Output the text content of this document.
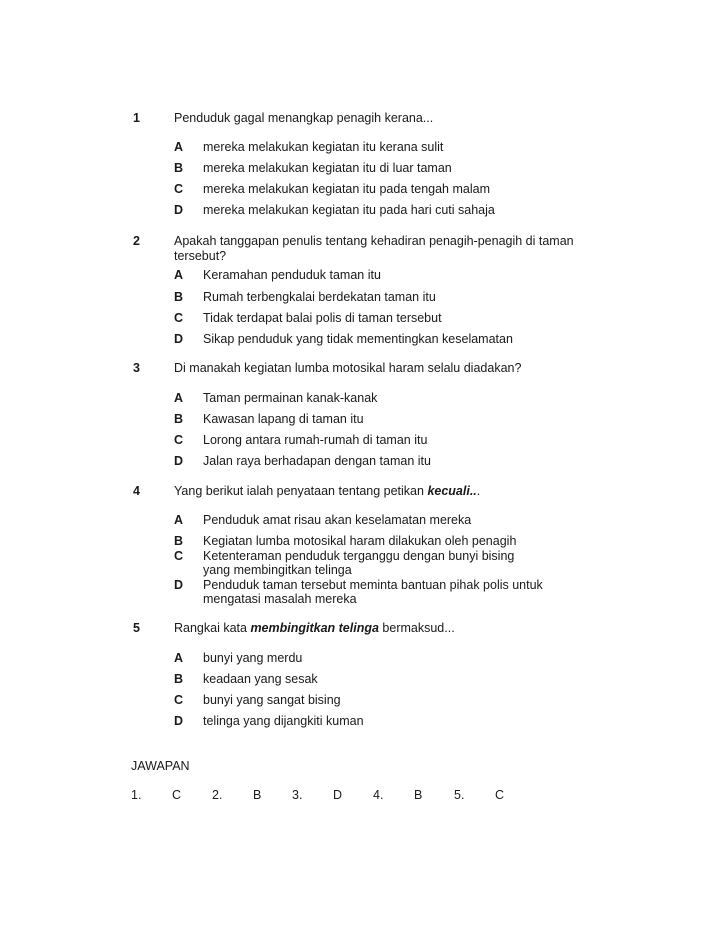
1	Penduduk gagal menangkap penagih kerana...
A mereka melakukan kegiatan itu kerana sulit
B mereka melakukan kegiatan itu di luar taman
C mereka melakukan kegiatan itu pada tengah malam
D mereka melakukan kegiatan itu pada hari cuti sahaja
2	Apakah tanggapan penulis tentang kehadiran penagih-penagih di taman tersebut?
A Keramahan penduduk taman itu
B Rumah terbengkalai berdekatan taman itu
C Tidak terdapat balai polis di taman tersebut
D Sikap penduduk yang tidak mementingkan keselamatan
3	Di manakah kegiatan lumba motosikal haram selalu diadakan?
A Taman permainan kanak-kanak
B Kawasan lapang di taman itu
C Lorong antara rumah-rumah di taman itu
D Jalan raya berhadapan dengan taman itu
4	Yang berikut ialah penyataan tentang petikan kecuali...
A Penduduk amat risau akan keselamatan mereka
B Kegiatan lumba motosikal haram dilakukan oleh penagih
C Ketenteraman penduduk terganggu dengan bunyi bising yang membingitkan telinga
D Penduduk taman tersebut meminta bantuan pihak polis untuk mengatasi masalah mereka
5	Rangkai kata membingitkan telinga bermaksud...
A bunyi yang merdu
B keadaan yang sesak
C bunyi yang sangat bising
D telinga yang dijangkiti kuman
JAWAPAN
1. C 2. B 3. D 4. B	5. C
